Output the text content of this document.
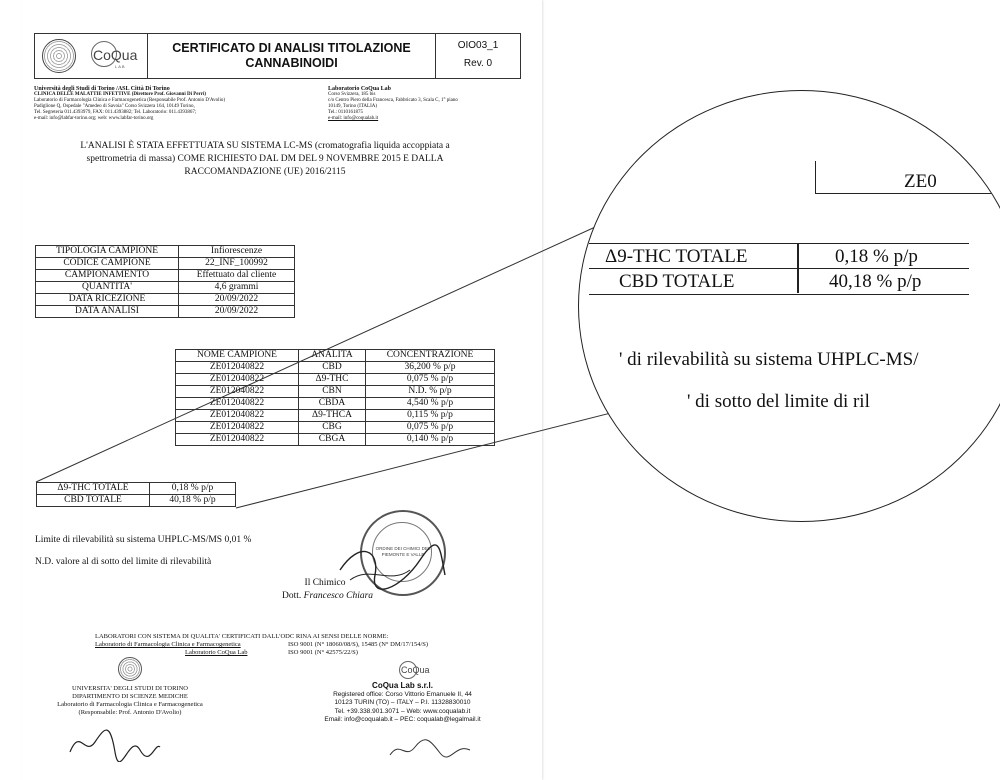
CoQua
LAB
CERTIFICATO DI ANALISI TITOLAZIONE
CANNABINOIDI
OIO03_1
Rev. 0
Università degli Studi di Torino /ASL Città Di Torino
CLINICA DELLE MALATTIE INFETTIVE (Direttore Prof. Giovanni Di Perri)
Laboratorio di Farmacologia Clinica e Farmacogenetica (Responsabile Prof. Antonio D'Avolio)
Padiglione Q, Ospedale "Amedeo di Savoia" Corso Svizzera 164, 10149 Torino,
Tel. Segreteria 011.4393979, FAX: 011.4393882; Tel. Laboratorio: 011.4393867;
e-mail: info@labfar-torino.org; web: www.labfar-torino.org
Laboratorio CoQua Lab
Corso Svizzera, 185 bis
c/o Centro Piero della Francesca, Fabbricato 3, Scala C, 1° piano
10149, Torino (ITALIA)
Tel.: 0110161875
e-mail: info@coqualab.it
L'ANALISI È STATA EFFETTUATA SU SISTEMA LC-MS (cromatografia liquida accoppiata a
spettrometria di massa) COME RICHIESTO DAL DM DEL 9 NOVEMBRE 2015 E DALLA
RACCOMANDAZIONE (UE) 2016/2115
TIPOLOGIA CAMPIONE	Infiorescenze
CODICE CAMPIONE	22_INF_100992
CAMPIONAMENTO	Effettuato dal cliente
QUANTITA'	4,6 grammi
DATA RICEZIONE	20/09/2022
DATA ANALISI	20/09/2022
NOME CAMPIONE	ANALITA	CONCENTRAZIONE
ZE012040822	CBD	36,200 % p/p
ZE012040822	Δ9-THC	0,075 % p/p
ZE012040822	CBN	N.D. % p/p
ZE012040822	CBDA	4,540 % p/p
ZE012040822	Δ9-THCA	0,115 % p/p
ZE012040822	CBG	0,075 % p/p
ZE012040822	CBGA	0,140 % p/p
Δ9-THC TOTALE	0,18 % p/p
CBD TOTALE	40,18 % p/p
Limite di rilevabilità su sistema UHPLC-MS/MS 0,01 %
N.D. valore al di sotto del limite di rilevabilità
ORDINE DEI CHIMICI DEL PIEMONTE E VALLE
Il Chimico
Dott. Francesco Chiara
LABORATORI CON SISTEMA DI QUALITA' CERTIFICATI DALL'ODC RINA AI SENSI DELLE NORME:
Laboratorio di Farmacologia Clinica e Farmacogenetica	ISO 9001 (N° 18060/08/S), 15485 (N° DM/17/154/S)
Laboratorio CoQua Lab	ISO 9001 (N° 42575/22/S)
UNIVERSITA' DEGLI STUDI DI TORINO
DIPARTIMENTO DI SCIENZE MEDICHE
Laboratorio di Farmacologia Clinica e Farmacogenetica
(Responsabile: Prof. Antonio D'Avolio)
CoQua
CoQua Lab s.r.l.
Registered office: Corso Vittorio Emanuele II, 44
10123 TURIN (TO) – ITALY – P.I. 11328830010
Tel. +39.338.901.3071 – Web: www.coqualab.it
Email: info@coqualab.it – PEC: coqualab@legalmail.it
ZE0
Δ9-THC TOTALE	0,18 % p/p
CBD TOTALE	40,18 % p/p
' di rilevabilità su sistema UHPLC-MS/
' di sotto del limite di ril
